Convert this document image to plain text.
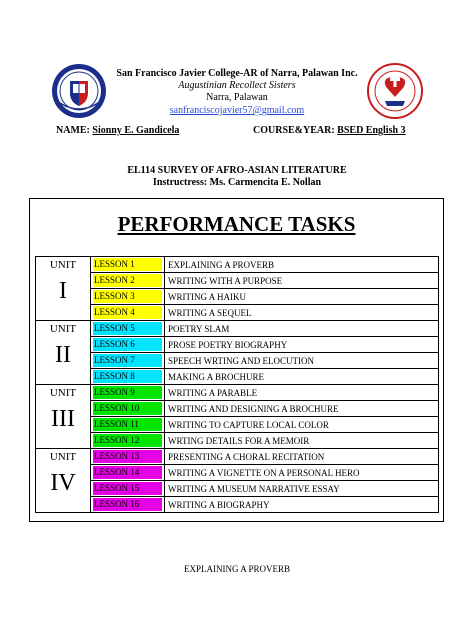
San Francisco Javier College-AR of Narra, Palawan Inc.
Augustinian Recollect Sisters
Narra, Palawan
sanfranciscojavier57@gmail.com
NAME: Sionny E. Gandicela	COURSE&YEAR: BSED English 3
EL114 SURVEY OF AFRO-ASIAN LITERATURE
Instructress: Ms. Carmencita E. Nollan
PERFORMANCE TASKS
UNIT
I	LESSON 1	EXPLAINING A PROVERB

	LESSON 2	WRITING WITH A PURPOSE

	LESSON 3	WRITING A HAIKU

	LESSON 4	WRITING A SEQUEL

UNIT
II	LESSON 5	POETRY SLAM

	LESSON 6	PROSE POETRY BIOGRAPHY

	LESSON 7	SPEECH WRTING AND ELOCUTION

	LESSON 8	MAKING A BROCHURE

UNIT
III	LESSON 9	WRITING A PARABLE

	LESSON 10	WRITING AND DESIGNING A BROCHURE

	LESSON 11	WRITING TO CAPTURE LOCAL COLOR

	LESSON 12	WRTING DETAILS FOR A MEMOIR

UNIT
IV	LESSON 13	PRESENTING A CHORAL RECITATION

	LESSON 14	WRITING A VIGNETTE ON A PERSONAL HERO

	LESSON 15	WRITING A MUSEUM NARRATIVE ESSAY

	LESSON 16	WRITING A BIOGRAPHY
EXPLAINING A PROVERB
